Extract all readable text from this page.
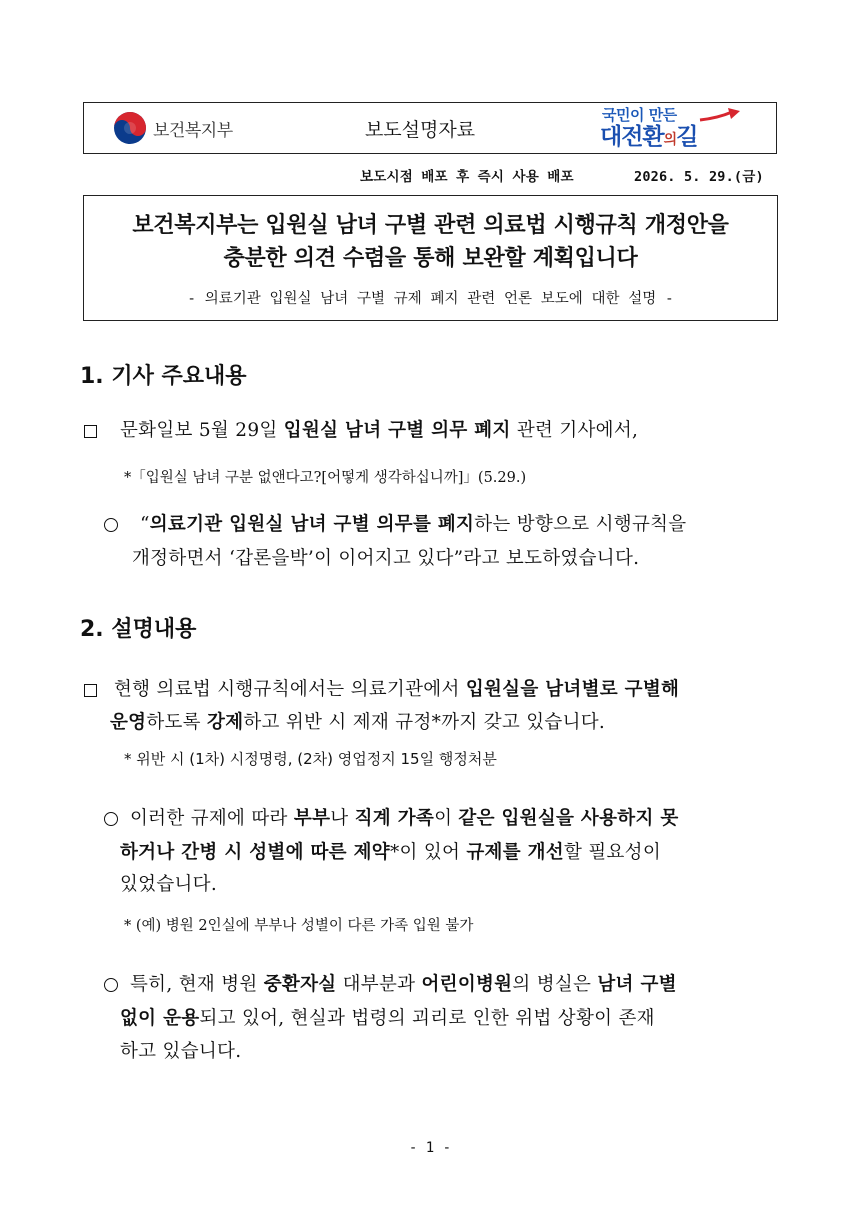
보건복지부	보도설명자료
국민이 만든
대전환의길
보도시점 배포 후 즉시 사용 배포	2026. 5. 29.(금)
보건복지부는 입원실 남녀 구별 관련 의료법 시행규칙 개정안을
충분한 의견 수렴을 통해 보완할 계획입니다
- 의료기관 입원실 남녀 구별 규제 폐지 관련 언론 보도에 대한 설명 -
1. 기사 주요내용
문화일보 5월 29일 입원실 남녀 구별 의무 폐지 관련 기사에서,
*「입원실 남녀 구분 없앤다고?[어떻게 생각하십니까]」(5.29.)
“의료기관 입원실 남녀 구별 의무를 폐지하는 방향으로 시행규칙을
개정하면서 ‘갑론을박’이 이어지고 있다”라고 보도하였습니다.
2. 설명내용
현행 의료법 시행규칙에서는 의료기관에서 입원실을 남녀별로 구별해
운영하도록 강제하고 위반 시 제재 규정*까지 갖고 있습니다.
* 위반 시 (1차) 시정명령, (2차) 영업정지 15일 행정처분
이러한 규제에 따라 부부나 직계 가족이 같은 입원실을 사용하지 못
하거나 간병 시 성별에 따른 제약*이 있어 규제를 개선할 필요성이
있었습니다.
* (예) 병원 2인실에 부부나 성별이 다른 가족 입원 불가
특히, 현재 병원 중환자실 대부분과 어린이병원의 병실은 남녀 구별
없이 운용되고 있어, 현실과 법령의 괴리로 인한 위법 상황이 존재
하고 있습니다.
- 1 -
